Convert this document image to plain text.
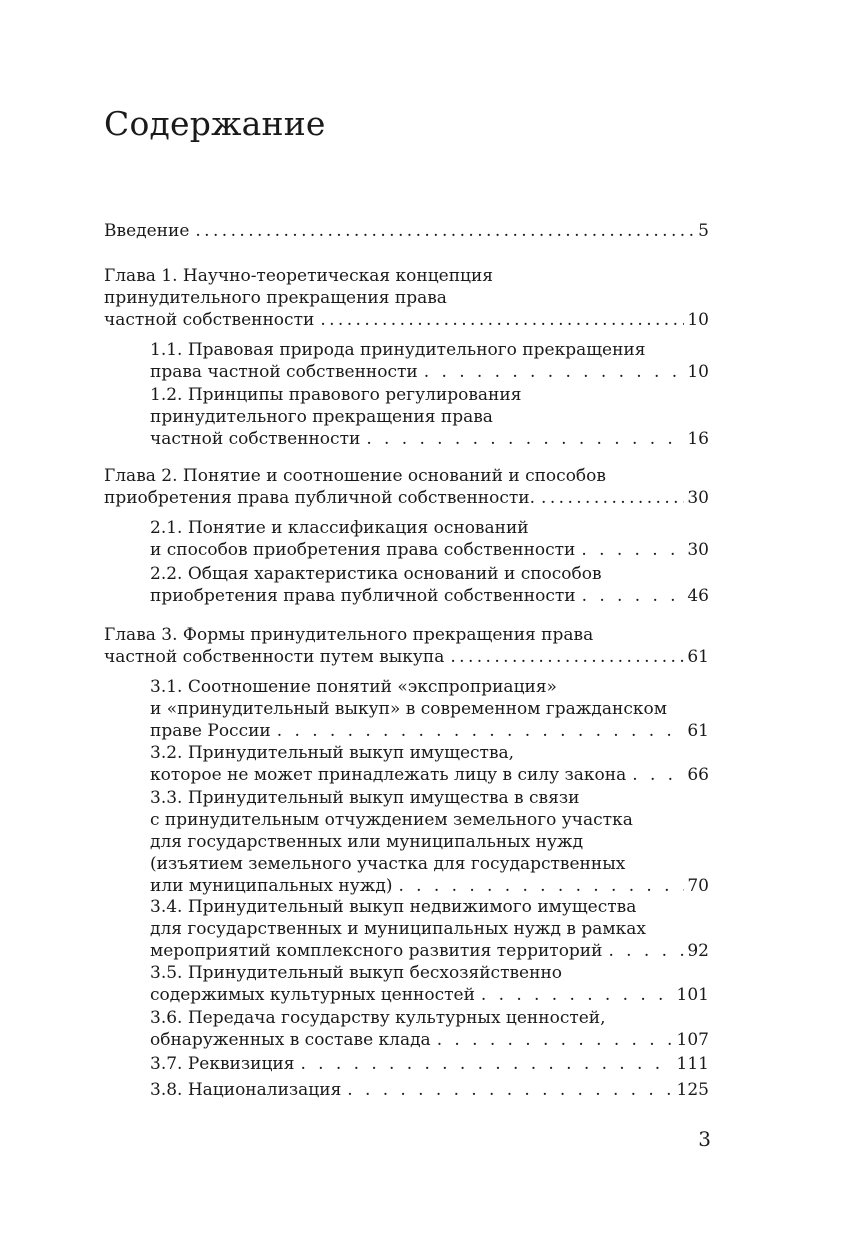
Содержание
Введение . . .	5
Глава 1. Научно-теоретическая концепция
принудительного прекращения права
частной собственности . . .	10
1.1. Правовая природа принудительного прекращения
права частной собственности . .	10
1.2. Принципы правового регулирования
принудительного прекращения права
частной собственности . .	16
Глава 2. Понятие и соотношение оснований и способов
приобретения права публичной собственности. . . .	30
2.1. Понятие и классификация оснований
и способов приобретения права собственности . .	30
2.2. Общая характеристика оснований и способов
приобретения права публичной собственности . .	46
Глава 3. Формы принудительного прекращения права
частной собственности путем выкупа . . .	61
3.1. Соотношение понятий «экспроприация»
и «принудительный выкуп» в современном гражданском
праве России . .	61
3.2. Принудительный выкуп имущества,
которое не может принадлежать лицу в силу закона . .	66
3.3. Принудительный выкуп имущества в связи
с принудительным отчуждением земельного участка
для государственных или муниципальных нужд
(изъятием земельного участка для государственных
или муниципальных нужд) . .	70
3.4. Принудительный выкуп недвижимого имущества
для государственных и муниципальных нужд в рамках
мероприятий комплексного развития территорий . .	92
3.5. Принудительный выкуп бесхозяйственно
содержимых культурных ценностей . .	101
3.6. Передача государству культурных ценностей,
обнаруженных в составе клада . .	107
3.7. Реквизиция . .	111
3.8. Национализация . .	125
3
